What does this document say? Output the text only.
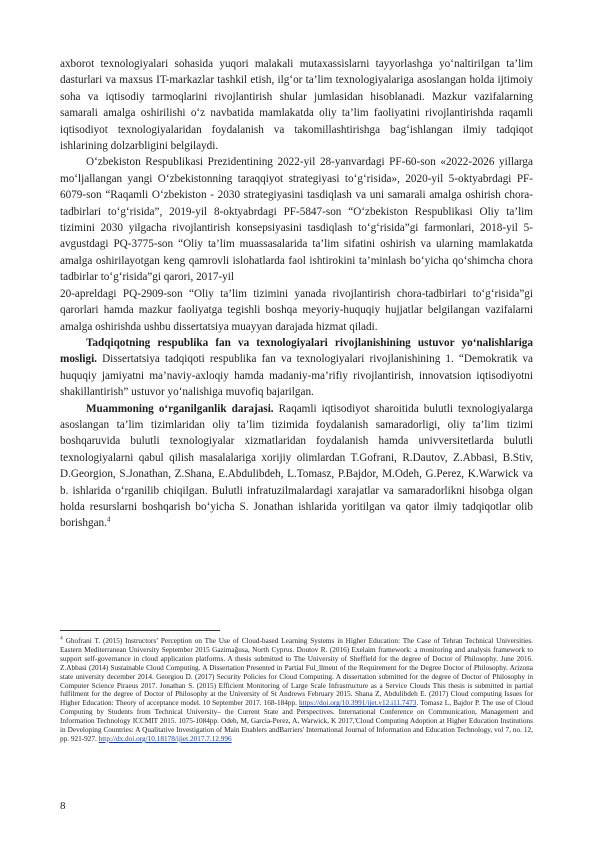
axborot texnologiyalari sohasida yuqori malakali mutaxassislarni tayyorlashga yo‘naltirilgan ta’lim dasturlari va maxsus IT-markazlar tashkil etish, ilg‘or ta’lim texnologiyalariga asoslangan holda ijtimoiy soha va iqtisodiy tarmoqlarini rivojlantirish shular jumlasidan hisoblanadi. Mazkur vazifalarning samarali amalga oshirilishi o‘z navbatida mamlakatda oliy ta’lim faoliyatini rivojlantirishda raqamli iqtisodiyot texnologiyalaridan foydalanish va takomillashtirishga bag‘ishlangan ilmiy tadqiqot ishlarining dolzarbligini belgilaydi.

O‘zbekiston Respublikasi Prezidentining 2022-yil 28-yanvardagi PF-60-son «2022-2026 yillarga mo‘ljallangan yangi O‘zbekistonning taraqqiyot strategiyasi to‘g‘risida», 2020-yil 5-oktyabrdagi PF-6079-son “Raqamli O‘zbekiston - 2030 strategiyasini tasdiqlash va uni samarali amalga oshirish chora-tadbirlari to‘g‘risida”, 2019-yil 8-oktyabrdagi PF-5847-son “O‘zbekiston Respublikasi Oliy ta’lim tizimini 2030 yilgacha rivojlantirish konsepsiyasini tasdiqlash to‘g‘risida”gi farmonlari, 2018-yil 5-avgustdagi PQ-3775-son “Oliy ta’lim muassasalarida ta’lim sifatini oshirish va ularning mamlakatda amalga oshirilayotgan keng qamrovli islohatlarda faol ishtirokini ta’minlash bo‘yicha qo‘shimcha chora tadbirlar to‘g‘risida”gi qarori, 2017-yil

20-apreldagi PQ-2909-son “Oliy ta’lim tizimini yanada rivojlantirish chora-tadbirlari to‘g‘risida”gi qarorlari hamda mazkur faoliyatga tegishli boshqa meyoriy-huquqiy hujjatlar belgilangan vazifalarni amalga oshirishda ushbu dissertatsiya muayyan darajada hizmat qiladi.

Tadqiqotning respublika fan va texnologiyalari rivojlanishining ustuvor yo‘nalishlariga mosligi. Dissertatsiya tadqiqoti respublika fan va texnologiyalari rivojlanishining 1. “Demokratik va huquqiy jamiyatni ma’naviy-axloqiy hamda madaniy-ma’rifiy rivojlantirish, innovatsion iqtisodiyotni shakillantirish” ustuvor yo‘nalishiga muvofiq bajarilgan.

Muammoning o‘rganilganlik darajasi. Raqamli iqtisodiyot sharoitida bulutli texnologiyalarga asoslangan ta’lim tizimlaridan oliy ta’lim tizimida foydalanish samaradorligi, oliy ta’lim tizimi boshqaruvida bulutli texnologiyalar xizmatlaridan foydalanish hamda univversitetlarda bulutli texnologiyalarni qabul qilish masalalariga xorijiy olimlardan T.Gofrani, R.Dautov, Z.Abbasi, B.Stiv, D.Georgion, S.Jonathan, Z.Shana, E.Abdulibdeh, L.Tomasz, P.Bajdor, M.Odeh, G.Perez, K.Warwick va b. ishlarida o‘rganilib chiqilgan. Bulutli infratuzilmalardagi xarajatlar va samaradorlikni hisobga olgan holda resurslarni boshqarish bo‘yicha S. Jonathan ishlarida yoritilgan va qator ilmiy tadqiqotlar olib borishgan.$^4$

$^4$ Ghofrani T. (2015) Instructors’ Perception on The Use of Cloud-based Learning Systems in Higher Education: The Case of Tehran Technical Universities. Eastern Mediterranean University September 2015 Gazimağusa, North Cyprus. Doutov R. (2016) Exelaim framework: a monitoring and analysis framework to support self-governance in cloud application platforms. A thesis submitted to The University of Sheffield for the degree of Doctor of Philosophy. June 2016. Z.Abbasi (2014) Sustainable Cloud Computing. A Dissertation Presented in Partial Ful_llment of the Requirement for the Degree Doctor of Philosophy. Arizona state university december 2014. Georgiou D. (2017) Security Policies for Cloud Computing. A dissertation submitted for the degree of Doctor of Philosophy in Computer Science Piraeus 2017. Jonathan S. (2015) Efficient Monitoring of Large Scale Infrastructure as a Service Clouds This thesis is submitted in partial fulfilment for the degree of Doctor of Philosophy at the University of St Andrews February 2015. Shana Z, Abdulibdeh E. (2017) Cloud computing Issues for Higher Education: Theory of acceptance model. 10 September 2017. 168-184pp. https://doi.org/10.3991/ijet.v12.i11.7473. Tomasz L, Bajdor P. The use of Cloud Computing by Students from Technical University– the Current State and Perspectives. International Conference on Communication, Management and Information Technology ICCMIT 2015. 1075-1084pp. Odeh, M, Garcia-Perez, A, Warwick, K 2017,'Cloud Computing Adoption at Higher Education Institutions in Developing Countries: A Qualitative Investigation of Main Enablers andBarriers' International Journal of Information and Education Technology, vol 7, no. 12, pp. 921-927. http://dx.doi.org/10.18178/ijiet.2017.7.12.996
8
